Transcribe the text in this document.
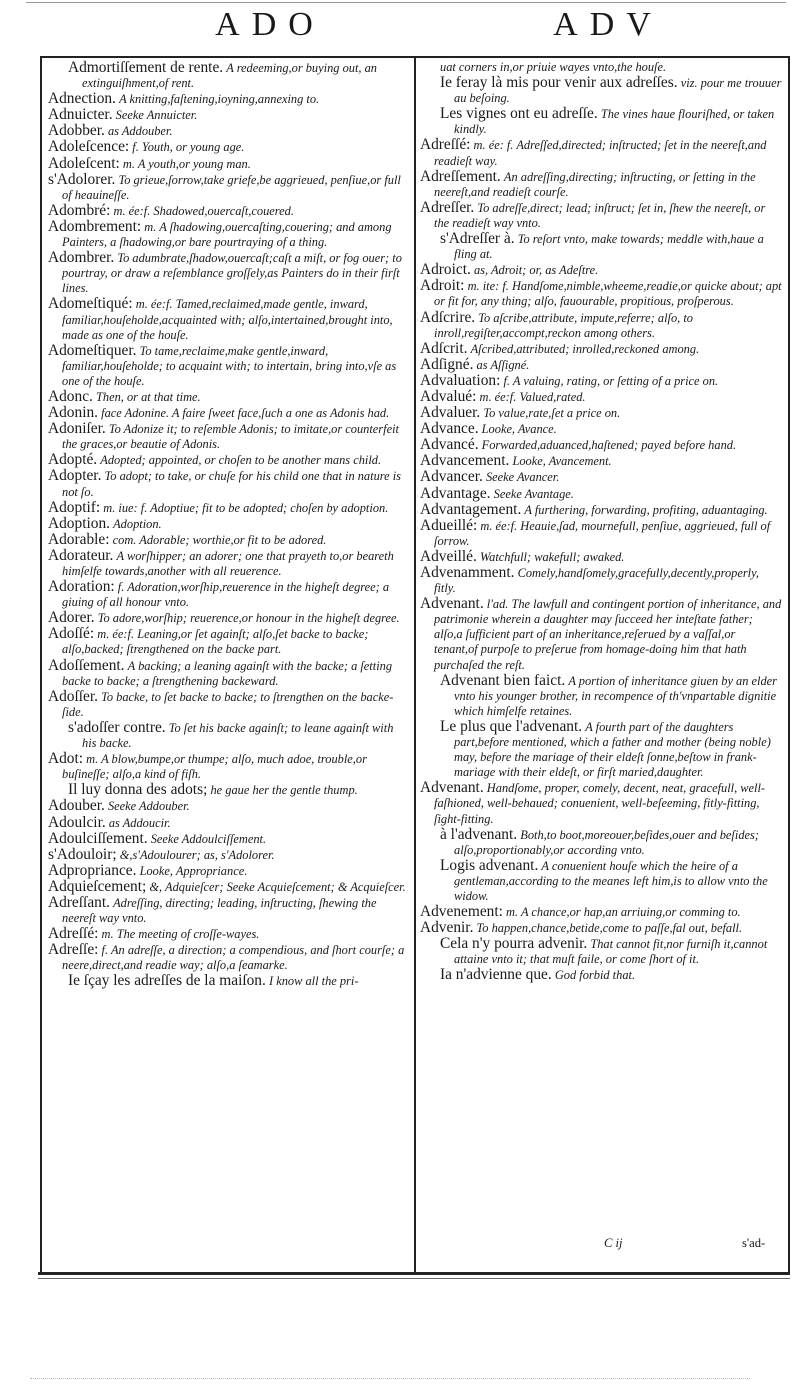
ADO	ADV

Admortiſſement de rente. A redeeming,or buying out, an extinguiſhment,of rent.

Adnection. A knitting,faſtening,ioyning,annexing to.

Adnuicter. Seeke Annuicter.

Adobber. as Addouber.

Adoleſcence: f. Youth, or young age.

Adoleſcent: m. A youth,or young man.

s'Adolorer. To grieue,ſorrow,take griefe,be aggrieued, penſiue,or full of heauineſſe.

Adombré: m. ée:f. Shadowed,ouercaſt,couered.

Adombrement: m. A ſhadowing,ouercaſting,couering; and among Painters, a ſhadowing,or bare pourtraying of a thing.

Adombrer. To adumbrate,ſhadow,ouercaſt;caſt a miſt, or fog ouer; to pourtray, or draw a reſemblance groſſely,as Painters do in their firſt lines.

Adomeſtiqué: m. ée:f. Tamed,reclaimed,made gentle, inward, familiar,houſeholde,acquainted with; alſo,intertained,brought into, made as one of the houſe.

Adomeſtiquer. To tame,reclaime,make gentle,inward, familiar,houſeholde; to acquaint with; to intertain, bring into,vſe as one of the houſe.

Adonc. Then, or at that time.

Adonin. face Adonine. A faire ſweet face,ſuch a one as Adonis had.

Adoniſer. To Adonize it; to reſemble Adonis; to imitate,or counterfeit the graces,or beautie of Adonis.

Adopté. Adopted; appointed, or choſen to be another mans child.

Adopter. To adopt; to take, or chuſe for his child one that in nature is not ſo.

Adoptif: m. iue: f. Adoptiue; fit to be adopted; choſen by adoption.

Adoption. Adoption.

Adorable: com. Adorable; worthie,or fit to be adored.

Adorateur. A worſhipper; an adorer; one that prayeth to,or beareth himſelfe towards,another with all reuerence.

Adoration: f. Adoration,worſhip,reuerence in the higheſt degree; a giuing of all honour vnto.

Adorer. To adore,worſhip; reuerence,or honour in the higheſt degree.

Adoſſé: m. ée:f. Leaning,or ſet againſt; alſo,ſet backe to backe; alſo,backed; ſtrengthened on the backe part.

Adoſſement. A backing; a leaning againſt with the backe; a ſetting backe to backe; a ſtrengthening backeward.

Adoſſer. To backe, to ſet backe to backe; to ſtrengthen on the backe-ſide.

s'adoſſer contre. To ſet his backe againſt; to leane againſt with his backe.

Adot: m. A blow,bumpe,or thumpe; alſo, much adoe, trouble,or buſineſſe; alſo,a kind of fiſh.

Il luy donna des adots; he gaue her the gentle thump.

Adouber. Seeke Addouber.

Adoulcir. as Addoucir.

Adoulciſſement. Seeke Addoulciſſement.

s'Adouloir; &,s'Adoulourer; as, s'Adolorer.

Adpropriance. Looke, Appropriance.

Adquieſcement; &, Adquieſcer; Seeke Acquieſcement; & Acquieſcer.

Adreſſant. Adreſſing, directing; leading, inſtructing, ſhewing the neereſt way vnto.

Adreſſé: m. The meeting of croſſe-wayes.

Adreſſe: f. An adreſſe, a direction; a compendious, and ſhort courſe; a neere,direct,and readie way; alſo,a ſeamarke.

Ie ſçay les adreſſes de la maiſon. I know all the pri-

uat corners in,or priuie wayes vnto,the houſe.

Ie feray là mis pour venir aux adreſſes. viz. pour me trouuer au beſoing.

Les vignes ont eu adreſſe. The vines haue flouriſhed, or taken kindly.

Adreſſé: m. ée: f. Adreſſed,directed; inſtructed; ſet in the neereſt,and readieſt way.

Adreſſement. An adreſſing,directing; inſtructing, or ſetting in the neereſt,and readieſt courſe.

Adreſſer. To adreſſe,direct; lead; inſtruct; ſet in, ſhew the neereſt, or the readieſt way vnto.

s'Adreſſer à. To reſort vnto, make towards; meddle with,haue a fling at.

Adroict. as, Adroit; or, as Adeſtre.

Adroit: m. ite: f. Handſome,nimble,wheeme,readie,or quicke about; apt or fit for, any thing; alſo, fauourable, propitious, proſperous.

Adſcrire. To aſcribe,attribute, impute,referre; alſo, to inroll,regiſter,accompt,reckon among others.

Adſcrit. Aſcribed,attributed; inrolled,reckoned among.

Adſigné. as Aſſigné.

Advaluation: f. A valuing, rating, or ſetting of a price on.

Advalué: m. ée:f. Valued,rated.

Advaluer. To value,rate,ſet a price on.

Advance. Looke, Avance.

Advancé. Forwarded,aduanced,haſtened; payed before hand.

Advancement. Looke, Avancement.

Advancer. Seeke Avancer.

Advantage. Seeke Avantage.

Advantagement. A furthering, forwarding, profiting, aduantaging.

Adueillé: m. ée:f. Heauie,ſad, mournefull, penſiue, aggrieued, full of ſorrow.

Adveillé. Watchfull; wakefull; awaked.

Advenamment. Comely,handſomely,gracefully,decently,properly, fitly.

Advenant. l'ad. The lawfull and contingent portion of inheritance, and patrimonie wherein a daughter may ſucceed her inteſtate father; alſo,a ſufficient part of an inheritance,reſerued by a vaſſal,or tenant,of purpoſe to preſerue from homage-doing him that hath purchaſed the reſt.

Advenant bien faict. A portion of inheritance giuen by an elder vnto his younger brother, in recompence of th'vnpartable dignitie which himſelfe retaines.

Le plus que l'advenant. A fourth part of the daughters part,before mentioned, which a father and mother (being noble) may, before the mariage of their eldeſt ſonne,beſtow in frank-mariage with their eldeſt, or firſt maried,daughter.

Advenant. Handſome, proper, comely, decent, neat, gracefull, well-faſhioned, well-behaued; conuenient, well-beſeeming, fitly-fitting, ſight-fitting.

à l'advenant. Both,to boot,moreouer,beſides,ouer and beſides; alſo,proportionably,or according vnto.

Logis advenant. A conuenient houſe which the heire of a gentleman,according to the meanes left him,is to allow vnto the widow.

Advenement: m. A chance,or hap,an arriuing,or comming to.

Advenir. To happen,chance,betide,come to paſſe,fal out, befall.

Cela n'y pourra advenir. That cannot fit,nor furniſh it,cannot attaine vnto it; that muſt faile, or come ſhort of it.

Ia n'advienne que. God forbid that.

C ij	s'ad-
